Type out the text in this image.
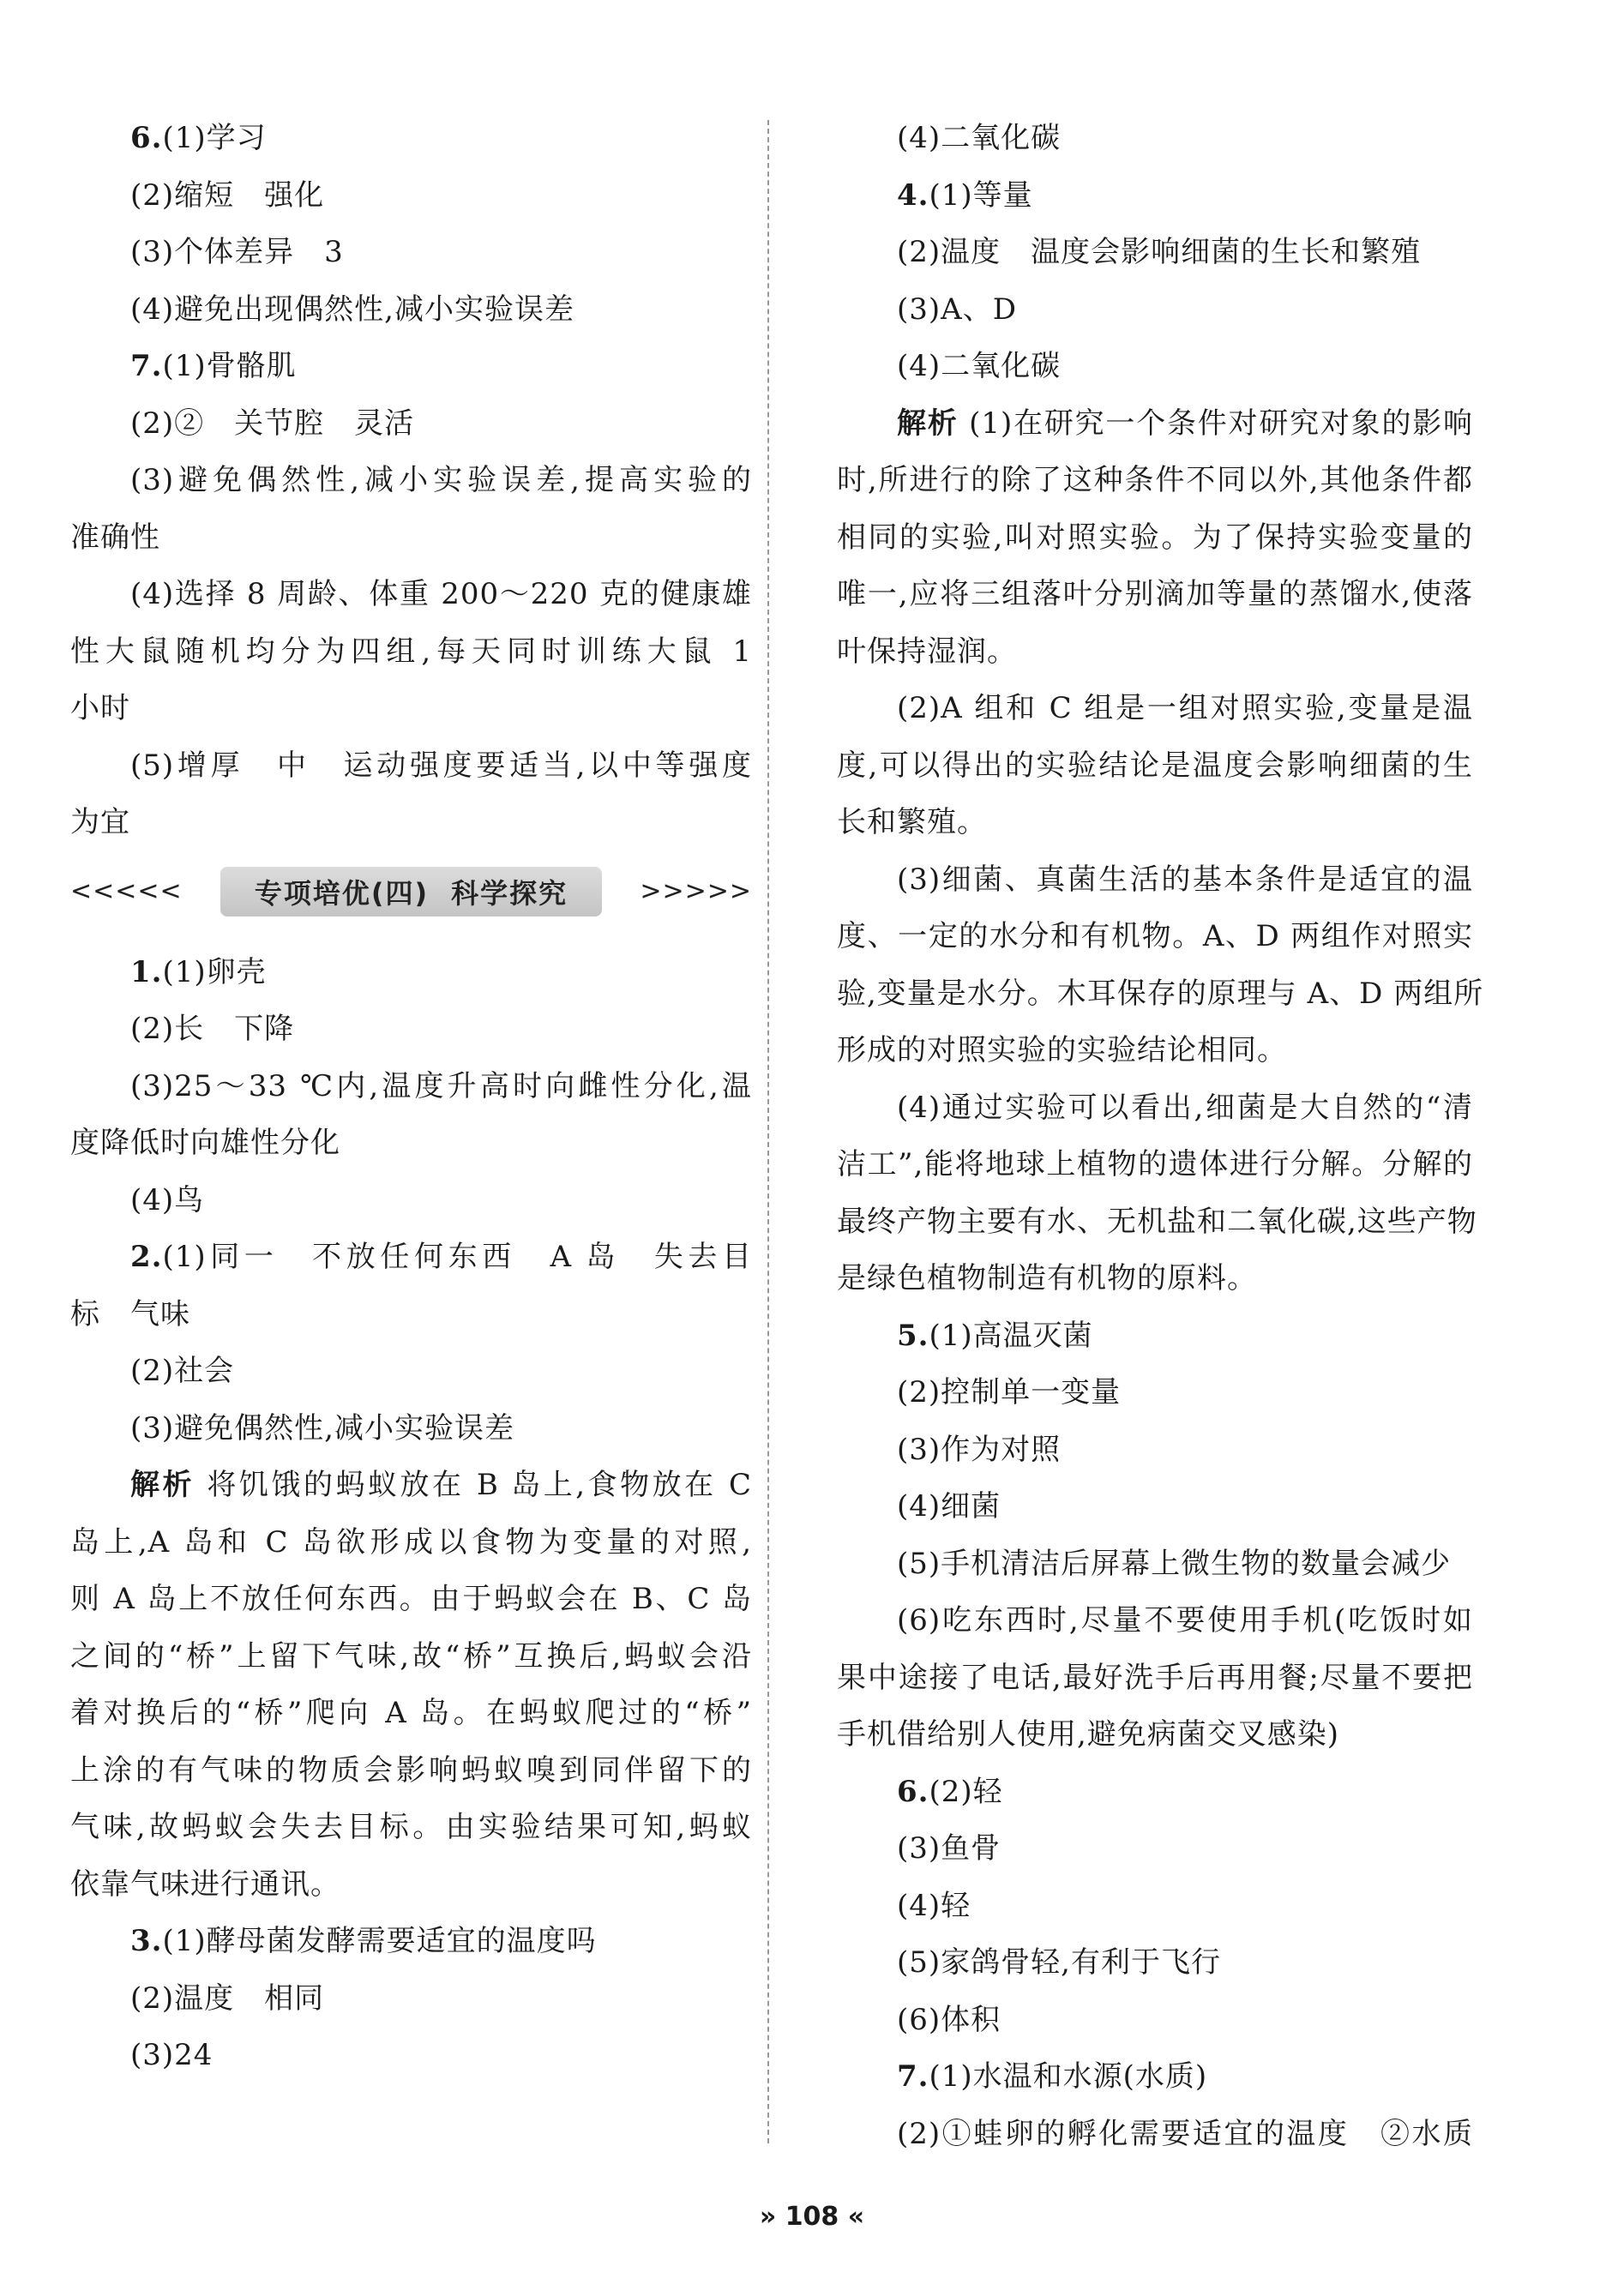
6.(1)学习
(2)缩短　强化
(3)个体差异　3
(4)避免出现偶然性,减小实验误差
7.(1)骨骼肌
(2)②　关节腔　灵活
(3)避免偶然性,减小实验误差,提高实验的
准确性
(4)选择 8 周龄、体重 200～220 克的健康雄
性大鼠随机均分为四组,每天同时训练大鼠 1
小时
(5)增厚　中　运动强度要适当,以中等强度
为宜
<<<<<	专项培优(四) 科学探究	>>>>>
1.(1)卵壳
(2)长　下降
(3)25～33 ℃内,温度升高时向雌性分化,温
度降低时向雄性分化
(4)鸟
2.(1)同一　不放任何东西　A 岛　失去目
标　气味
(2)社会
(3)避免偶然性,减小实验误差
解析 将饥饿的蚂蚁放在 B 岛上,食物放在 C
岛上,A 岛和 C 岛欲形成以食物为变量的对照,
则 A 岛上不放任何东西。由于蚂蚁会在 B、C 岛
之间的“桥”上留下气味,故“桥”互换后,蚂蚁会沿
着对换后的“桥”爬向 A 岛。在蚂蚁爬过的“桥”
上涂的有气味的物质会影响蚂蚁嗅到同伴留下的
气味,故蚂蚁会失去目标。由实验结果可知,蚂蚁
依靠气味进行通讯。
3.(1)酵母菌发酵需要适宜的温度吗
(2)温度　相同
(3)24
(4)二氧化碳
4.(1)等量
(2)温度　温度会影响细菌的生长和繁殖
(3)A、D
(4)二氧化碳
解析 (1)在研究一个条件对研究对象的影响
时,所进行的除了这种条件不同以外,其他条件都
相同的实验,叫对照实验。为了保持实验变量的
唯一,应将三组落叶分别滴加等量的蒸馏水,使落
叶保持湿润。
(2)A 组和 C 组是一组对照实验,变量是温
度,可以得出的实验结论是温度会影响细菌的生
长和繁殖。
(3)细菌、真菌生活的基本条件是适宜的温
度、一定的水分和有机物。A、D 两组作对照实
验,变量是水分。木耳保存的原理与 A、D 两组所
形成的对照实验的实验结论相同。
(4)通过实验可以看出,细菌是大自然的“清
洁工”,能将地球上植物的遗体进行分解。分解的
最终产物主要有水、无机盐和二氧化碳,这些产物
是绿色植物制造有机物的原料。
5.(1)高温灭菌
(2)控制单一变量
(3)作为对照
(4)细菌
(5)手机清洁后屏幕上微生物的数量会减少
(6)吃东西时,尽量不要使用手机(吃饭时如
果中途接了电话,最好洗手后再用餐;尽量不要把
手机借给别人使用,避免病菌交叉感染)
6.(2)轻
(3)鱼骨
(4)轻
(5)家鸽骨轻,有利于飞行
(6)体积
7.(1)水温和水源(水质)
(2)①蛙卵的孵化需要适宜的温度　②水质
» 108 «
